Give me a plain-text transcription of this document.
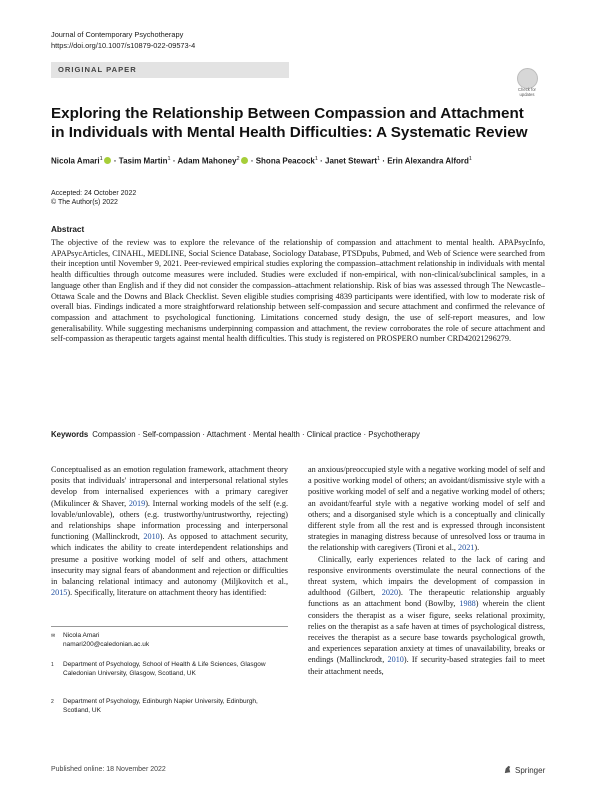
Journal of Contemporary Psychotherapy
https://doi.org/10.1007/s10879-022-09573-4
ORIGINAL PAPER
Check for
updates
Exploring the Relationship Between Compassion and Attachment
in Individuals with Mental Health Difficulties: A Systematic Review
Nicola Amari$^1$ · Tasim Martin$^1$ · Adam Mahoney$^2$ · Shona Peacock$^1$ · Janet Stewart$^1$ · Erin Alexandra Alford$^1$
Accepted: 24 October 2022
© The Author(s) 2022
Abstract
The objective of the review was to explore the relevance of the relationship of compassion and attachment to mental health. APAPsycInfo, APAPsycArticles, CINAHL, MEDLINE, Social Science Database, Sociology Database, PTSDpubs, Pubmed, and Web of Science were searched from their inception until November 9, 2021. Peer-reviewed empirical studies exploring the compassion–attachment relationship in individuals with mental health difficulties through outcome measures were included. Studies were excluded if non-empirical, with non-clinical/subclinical samples, in a language other than English and if they did not consider the compassion–attachment relationship. Risk of bias was assessed through The Newcastle–Ottawa Scale and the Downs and Black Checklist. Seven eligible studies comprising 4839 participants were identified, with low to moderate risk of overall bias. Findings indicated a more straightforward relationship between self-compassion and secure attachment and confirmed the relevance of compassion and attachment to psychological functioning. Limitations concerned study design, the use of self-report measures, and low generalisability. While suggesting mechanisms underpinning compassion and attachment, the review corroborates the role of secure attachment and self-compassion as therapeutic targets against mental health difficulties. This study is registered on PROSPERO number CRD42021296279.
Keywords Compassion · Self-compassion · Attachment · Mental health · Clinical practice · Psychotherapy

Conceptualised as an emotion regulation framework, attachment theory posits that individuals' intrapersonal and interpersonal relational styles develop from internalised experiences with a primary caregiver (Mikulincer & Shaver, 2019). Internal working models of the self (e.g. lovable/unlovable), others (e.g. trustworthy/untrustworthy, rejecting) and relationships shape information processing and interpersonal functioning (Mallinckrodt, 2010). As opposed to attachment security, which indicates the ability to create interdependent relationships and presume a positive working model of self and others, attachment insecurity may signal fears of abandonment and rejection or difficulties in balancing relational intimacy and autonomy (Miljkovitch et al., 2015). Specifically, literature on attachment theory has identified:

an anxious/preoccupied style with a negative working model of self and a positive working model of others; an avoidant/dismissive style with a positive working model of self and a negative working model of others; an avoidant/fearful style with a negative working model of self and others; and a disorganised style which is a conceptually and clinically different style from all the rest and is expressed through inconsistent strategies in managing distress because of unresolved loss or trauma in the relationship with caregivers (Tironi et al., 2021).

Clinically, early experiences related to the lack of caring and responsive environments overstimulate the neural connections of the threat system, which impairs the development of compassion in adulthood (Gilbert, 2020). The therapeutic relationship arguably functions as an attachment bond (Bowlby, 1988) wherein the client considers the therapist as a wiser figure, seeks relational proximity, relies on the therapist as a safe haven at times of psychological distress, receives the therapist as a secure base towards psychological growth, and experiences separation anxiety at times of unavailability, breaks or endings (Mallinckrodt, 2010). If security-based strategies fail to meet their attachment needs,

✉ Nicola Amari
namari200@caledonian.ac.uk
1 Department of Psychology, School of Health & Life Sciences, Glasgow Caledonian University, Glasgow, Scotland, UK
2 Department of Psychology, Edinburgh Napier University, Edinburgh, Scotland, UK
Published online: 18 November 2022	Springer
